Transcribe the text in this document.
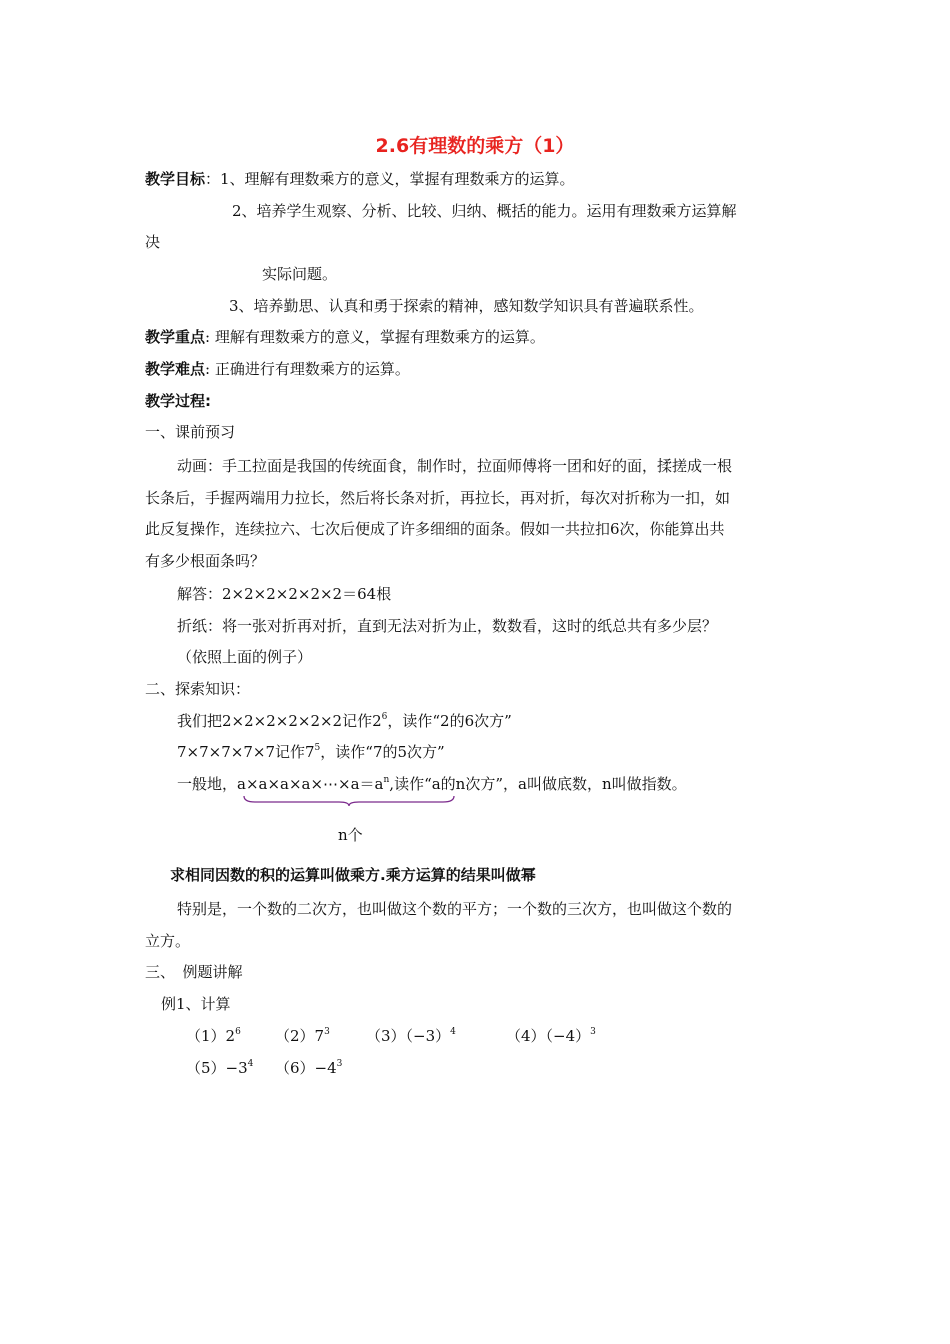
2.6有理数的乘方（1）
教学目标：1、理解有理数乘方的意义，掌握有理数乘方的运算。
2、培养学生观察、分析、比较、归纳、概括的能力。运用有理数乘方运算解
决
实际问题。
3、培养勤思、认真和勇于探索的精神，感知数学知识具有普遍联系性。
教学重点: 理解有理数乘方的意义，掌握有理数乘方的运算。
教学难点: 正确进行有理数乘方的运算。
教学过程:
一、课前预习
动画：手工拉面是我国的传统面食，制作时，拉面师傅将一团和好的面，揉搓成一根
长条后，手握两端用力拉长，然后将长条对折，再拉长，再对折，每次对折称为一扣，如
此反复操作，连续拉六、七次后便成了许多细细的面条。假如一共拉扣6次，你能算出共
有多少根面条吗？
解答：2×2×2×2×2×2＝64根
折纸：将一张对折再对折，直到无法对折为止，数数看，这时的纸总共有多少层？
（依照上面的例子）
二、探索知识：
我们把2×2×2×2×2×2记作$2^6$，读作“2的6次方”
7×7×7×7×7记作$7^5$，读作“7的5次方”
一般地，$a\times a\times a\times a\times\cdots\times a=a^n$,读作“a的n次方”，a叫做底数，n叫做指数。
n个
求相同因数的积的运算叫做乘方.乘方运算的结果叫做幂
特别是，一个数的二次方，也叫做这个数的平方；一个数的三次方，也叫做这个数的
立方。
三、　例题讲解
例1、计算
$(1)2^6$ $(2)7^3$ $(3)(-3)^4$	$(4)(-4)^3$
$(5)-3^4$ $(6)-4^3$
